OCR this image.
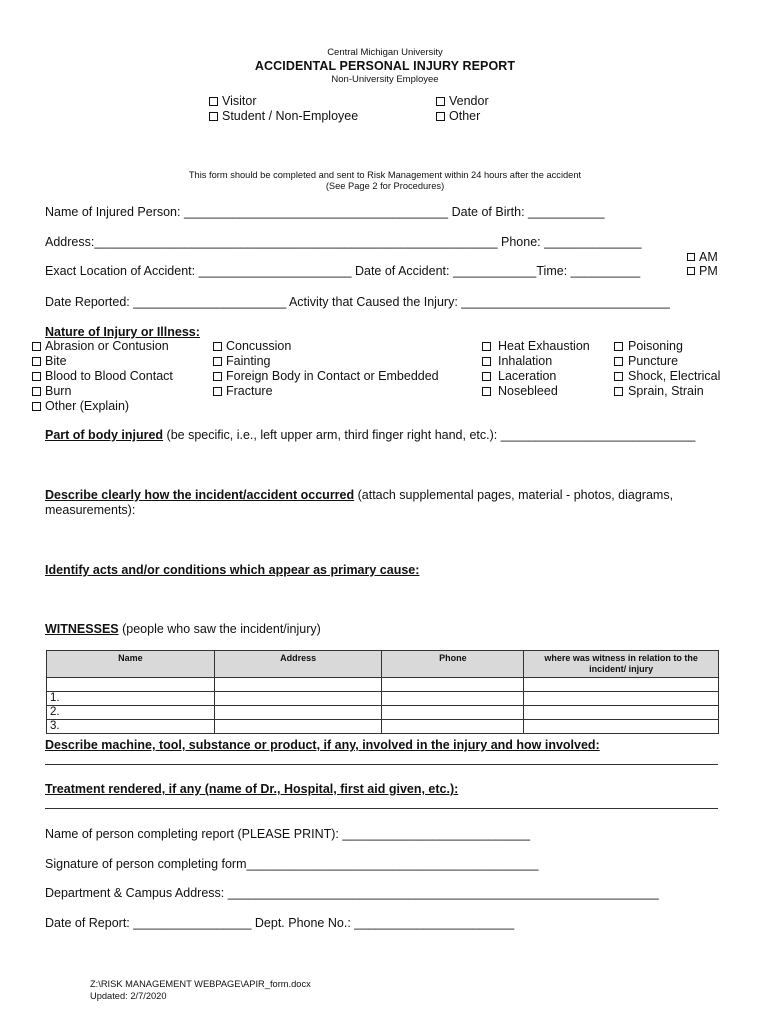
Central Michigan University
ACCIDENTAL PERSONAL INJURY REPORT
Non-University Employee
Visitor
Student / Non-Employee
Vendor
Other
This form should be completed and sent to Risk Management within 24 hours after the accident
(See Page 2 for Procedures)
Name of Injured Person: ______________________________________ Date of Birth: ___________
Address:__________________________________________________________ Phone: ______________
Exact Location of Accident: ______________________ Date of Accident: ____________Time: __________
AM
PM
Date Reported: ______________________ Activity that Caused the Injury: ______________________________
Nature of Injury or Illness:
Abrasion or Contusion
Bite
Blood to Blood Contact
Burn
Other (Explain)
Concussion
Fainting
Foreign Body in Contact or Embedded
Fracture
Heat Exhaustion
Inhalation
Laceration
Nosebleed
Poisoning
Puncture
Shock, Electrical
Sprain, Strain
Part of body injured (be specific, i.e., left upper arm, third finger right hand, etc.): ____________________________
Describe clearly how the incident/accident occurred (attach supplemental pages, material - photos, diagrams,
measurements):
Identify acts and/or conditions which appear as primary cause:
WITNESSES (people who saw the incident/injury)
Name	Address	Phone	where was witness in relation to the incident/ injury

1.			
2.			
3.			
Describe machine, tool, substance or product, if any, involved in the injury and how involved:
Treatment rendered, if any (name of Dr., Hospital, first aid given, etc.):
Name of person completing report (PLEASE PRINT): ___________________________
Signature of person completing form__________________________________________
Department & Campus Address: ______________________________________________________________
Date of Report: _________________ Dept. Phone No.: _______________________
Z:\RISK MANAGEMENT WEBPAGE\APIR_form.docx
Updated: 2/7/2020
